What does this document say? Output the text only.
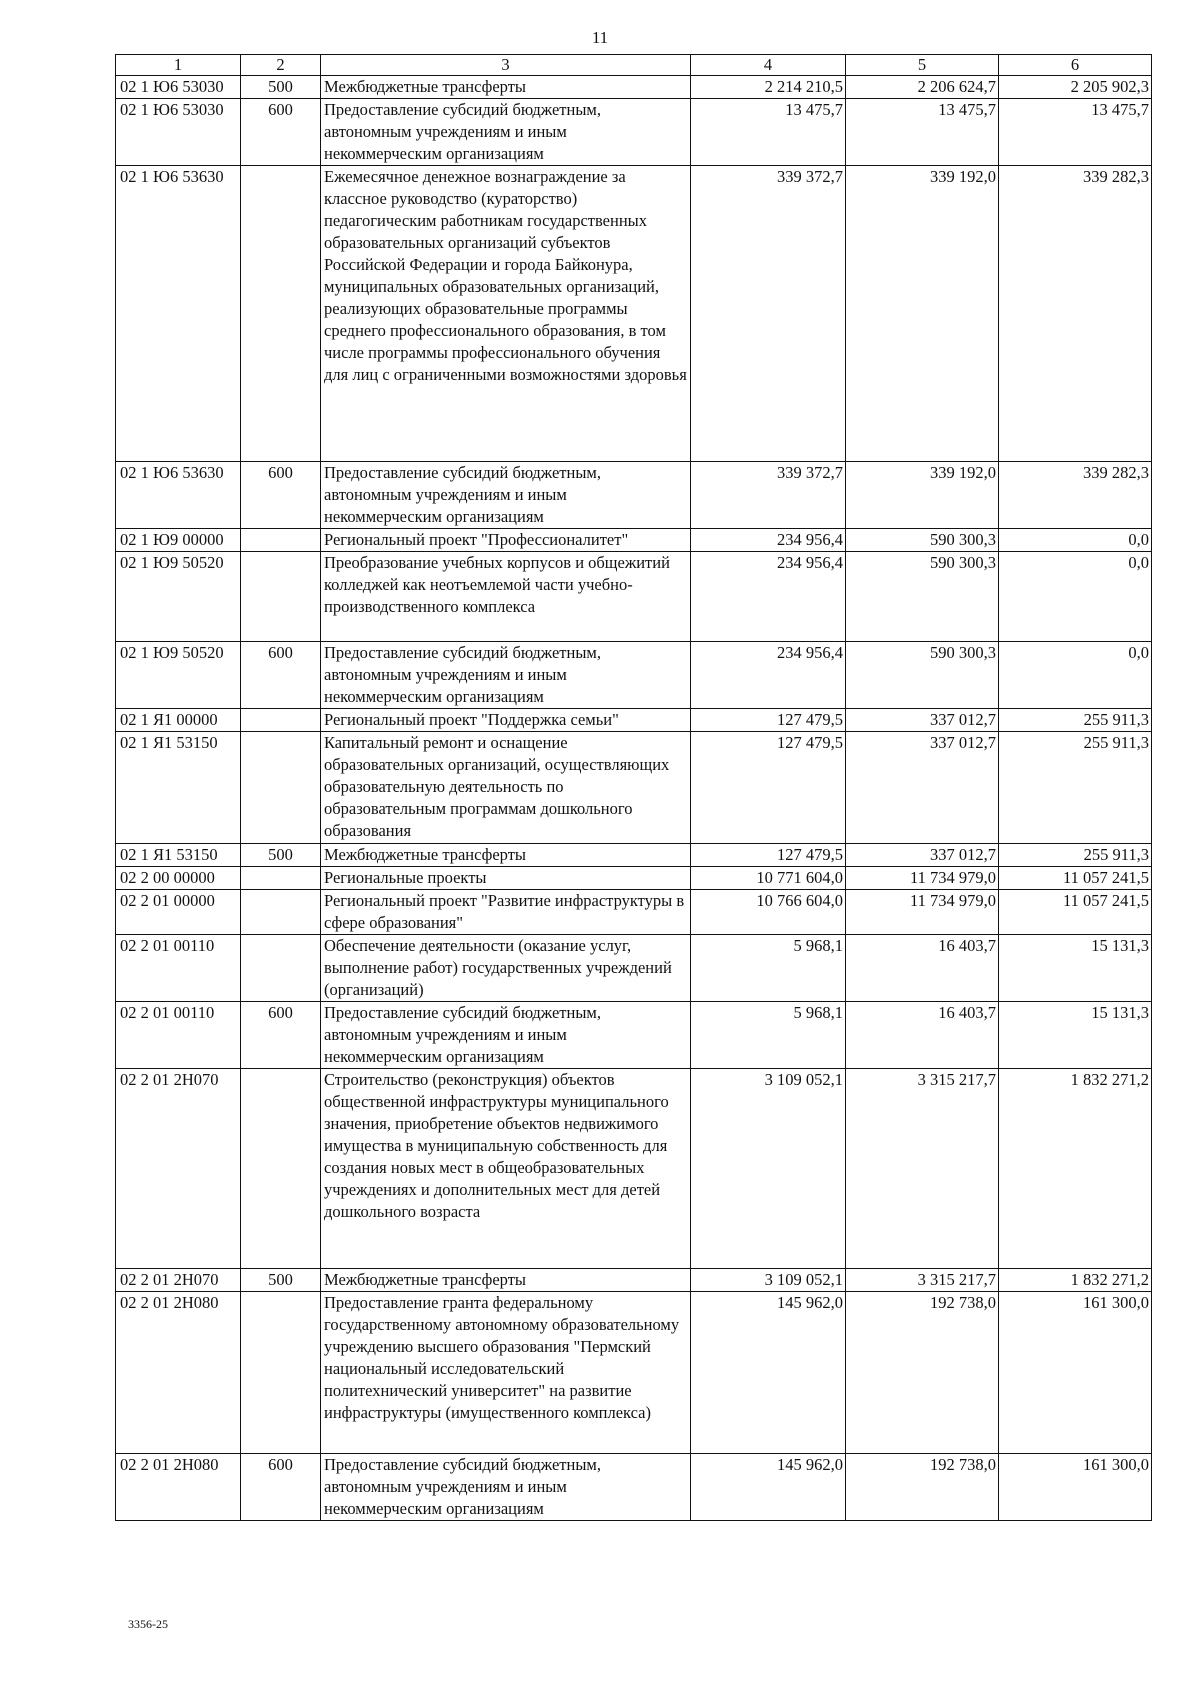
11
1	2	3	4	5	6
02 1 Ю6 53030	500	Межбюджетные трансферты	2 214 210,5	2 206 624,7	2 205 902,3
02 1 Ю6 53030	600	Предоставление субсидий бюджетным, автономным учреждениям и иным некоммерческим организациям	13 475,7	13 475,7	13 475,7
02 1 Ю6 53630		Ежемесячное денежное вознаграждение за классное руководство (кураторство) педагогическим работникам государственных образовательных организаций субъектов Российской Федерации и города Байконура, муниципальных образовательных организаций, реализующих образовательные программы среднего профессионального образования, в том числе программы профессионального обучения для лиц с ограниченными возможностями здоровья	339 372,7	339 192,0	339 282,3
02 1 Ю6 53630	600	Предоставление субсидий бюджетным, автономным учреждениям и иным некоммерческим организациям	339 372,7	339 192,0	339 282,3
02 1 Ю9 00000		Региональный проект "Профессионалитет"	234 956,4	590 300,3	0,0
02 1 Ю9 50520		Преобразование учебных корпусов и общежитий колледжей как неотъемлемой части учебно-производственного комплекса	234 956,4	590 300,3	0,0
02 1 Ю9 50520	600	Предоставление субсидий бюджетным, автономным учреждениям и иным некоммерческим организациям	234 956,4	590 300,3	0,0
02 1 Я1 00000		Региональный проект "Поддержка семьи"	127 479,5	337 012,7	255 911,3
02 1 Я1 53150		Капитальный ремонт и оснащение образовательных организаций, осуществляющих образовательную деятельность по образовательным программам дошкольного образования	127 479,5	337 012,7	255 911,3
02 1 Я1 53150	500	Межбюджетные трансферты	127 479,5	337 012,7	255 911,3
02 2 00 00000		Региональные проекты	10 771 604,0	11 734 979,0	11 057 241,5
02 2 01 00000		Региональный проект "Развитие инфраструктуры в сфере образования"	10 766 604,0	11 734 979,0	11 057 241,5
02 2 01 00110		Обеспечение деятельности (оказание услуг, выполнение работ) государственных учреждений (организаций)	5 968,1	16 403,7	15 131,3
02 2 01 00110	600	Предоставление субсидий бюджетным, автономным учреждениям и иным некоммерческим организациям	5 968,1	16 403,7	15 131,3
02 2 01 2Н070		Строительство (реконструкция) объектов общественной инфраструктуры муниципального значения, приобретение объектов недвижимого имущества в муниципальную собственность для создания новых мест в общеобразовательных учреждениях и дополнительных мест для детей дошкольного возраста	3 109 052,1	3 315 217,7	1 832 271,2
02 2 01 2Н070	500	Межбюджетные трансферты	3 109 052,1	3 315 217,7	1 832 271,2
02 2 01 2Н080		Предоставление гранта федеральному государственному автономному образовательному учреждению высшего образования "Пермский национальный исследовательский политехнический университет" на развитие инфраструктуры (имущественного комплекса)	145 962,0	192 738,0	161 300,0
02 2 01 2Н080	600	Предоставление субсидий бюджетным, автономным учреждениям и иным некоммерческим организациям	145 962,0	192 738,0	161 300,0
3356-25
